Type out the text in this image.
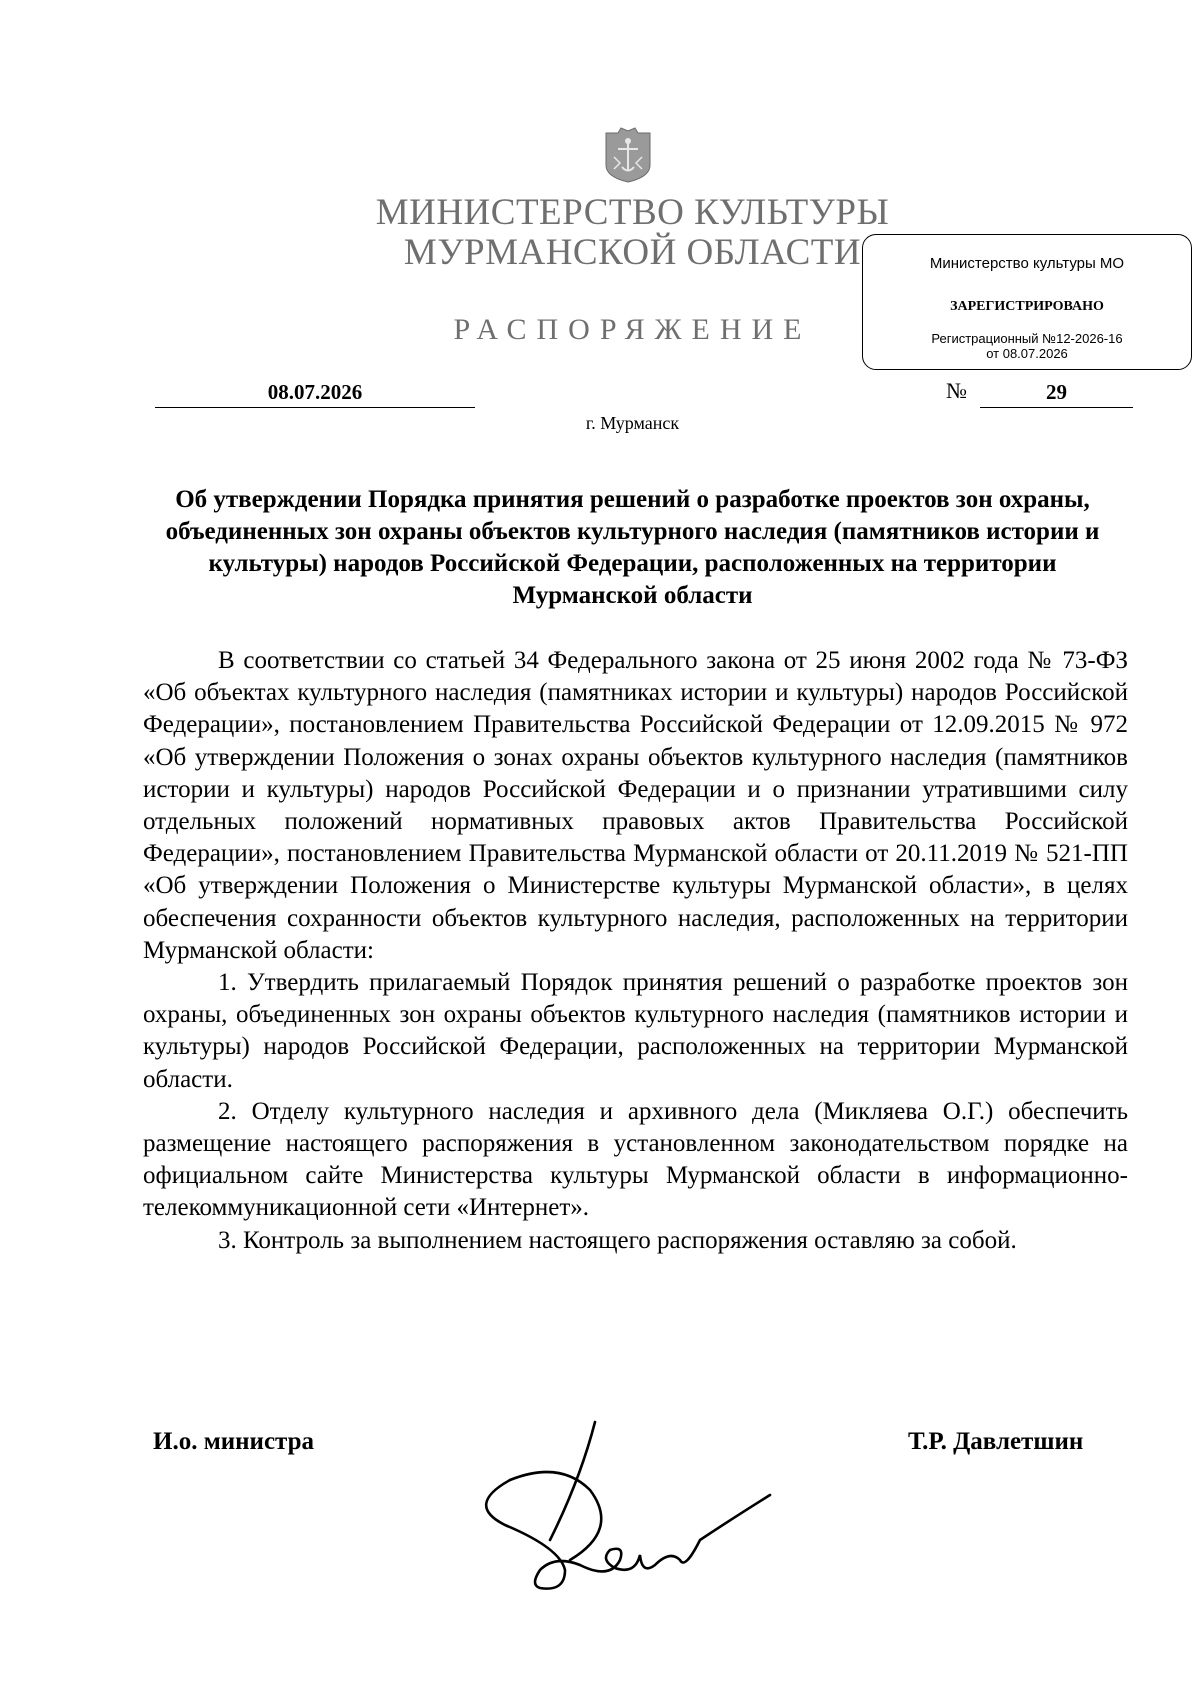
МИНИСТЕРСТВО КУЛЬТУРЫ
МУРМАНСКОЙ ОБЛАСТИ
РАСПОРЯЖЕНИЕ
Министерство культуры МО
ЗАРЕГИСТРИРОВАНО
Регистрационный №12-2026-16
от 08.07.2026
08.07.2026	№	29
г. Мурманск
Об утверждении Порядка принятия решений о разработке проектов зон охраны, объединенных зон охраны объектов культурного наследия (памятников истории и культуры) народов Российской Федерации, расположенных на территории Мурманской области

В соответствии со статьей 34 Федерального закона от 25 июня 2002 года № 73-ФЗ «Об объектах культурного наследия (памятниках истории и культуры) народов Российской Федерации», постановлением Правительства Российской Федерации от 12.09.2015 № 972 «Об утверждении Положения о зонах охраны объектов культурного наследия (памятников истории и культуры) народов Российской Федерации и о признании утратившими силу отдельных положений нормативных правовых актов Правительства Российской Федерации», постановлением Правительства Мурманской области от 20.11.2019 № 521-ПП «Об утверждении Положения о Министерстве культуры Мурманской области», в целях обеспечения сохранности объектов культурного наследия, расположенных на территории Мурманской области:

1. Утвердить прилагаемый Порядок принятия решений о разработке проектов зон охраны, объединенных зон охраны объектов культурного наследия (памятников истории и культуры) народов Российской Федерации, расположенных на территории Мурманской области.

2. Отделу культурного наследия и архивного дела (Микляева О.Г.) обеспечить размещение настоящего распоряжения в установленном законодательством порядке на официальном сайте Министерства культуры Мурманской области в информационно-телекоммуникационной сети «Интернет».

3. Контроль за выполнением настоящего распоряжения оставляю за собой.

И.о. министра	Т.Р. Давлетшин
